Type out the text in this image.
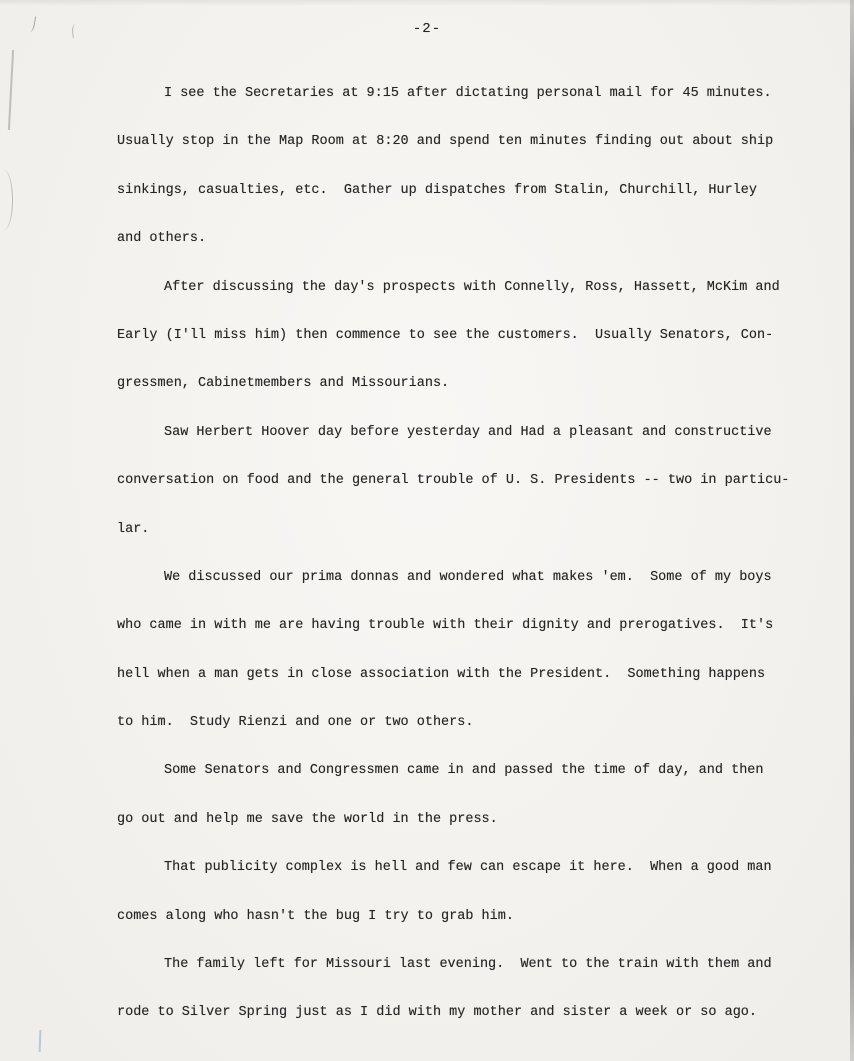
-2-
I see the Secretaries at 9:15 after dictating personal mail for 45 minutes.
Usually stop in the Map Room at 8:20 and spend ten minutes finding out about ship
sinkings, casualties, etc.  Gather up dispatches from Stalin, Churchill, Hurley
and others.
After discussing the day's prospects with Connelly, Ross, Hassett, McKim and
Early (I'll miss him) then commence to see the customers.  Usually Senators, Con-
gressmen, Cabinetmembers and Missourians.
Saw Herbert Hoover day before yesterday and Had a pleasant and constructive
conversation on food and the general trouble of U. S. Presidents -- two in particu-
lar.
We discussed our prima donnas and wondered what makes 'em.  Some of my boys
who came in with me are having trouble with their dignity and prerogatives.  It's
hell when a man gets in close association with the President.  Something happens
to him.  Study Rienzi and one or two others.
Some Senators and Congressmen came in and passed the time of day, and then
go out and help me save the world in the press.
That publicity complex is hell and few can escape it here.  When a good man
comes along who hasn't the bug I try to grab him.
The family left for Missouri last evening.  Went to the train with them and
rode to Silver Spring just as I did with my mother and sister a week or so ago.
